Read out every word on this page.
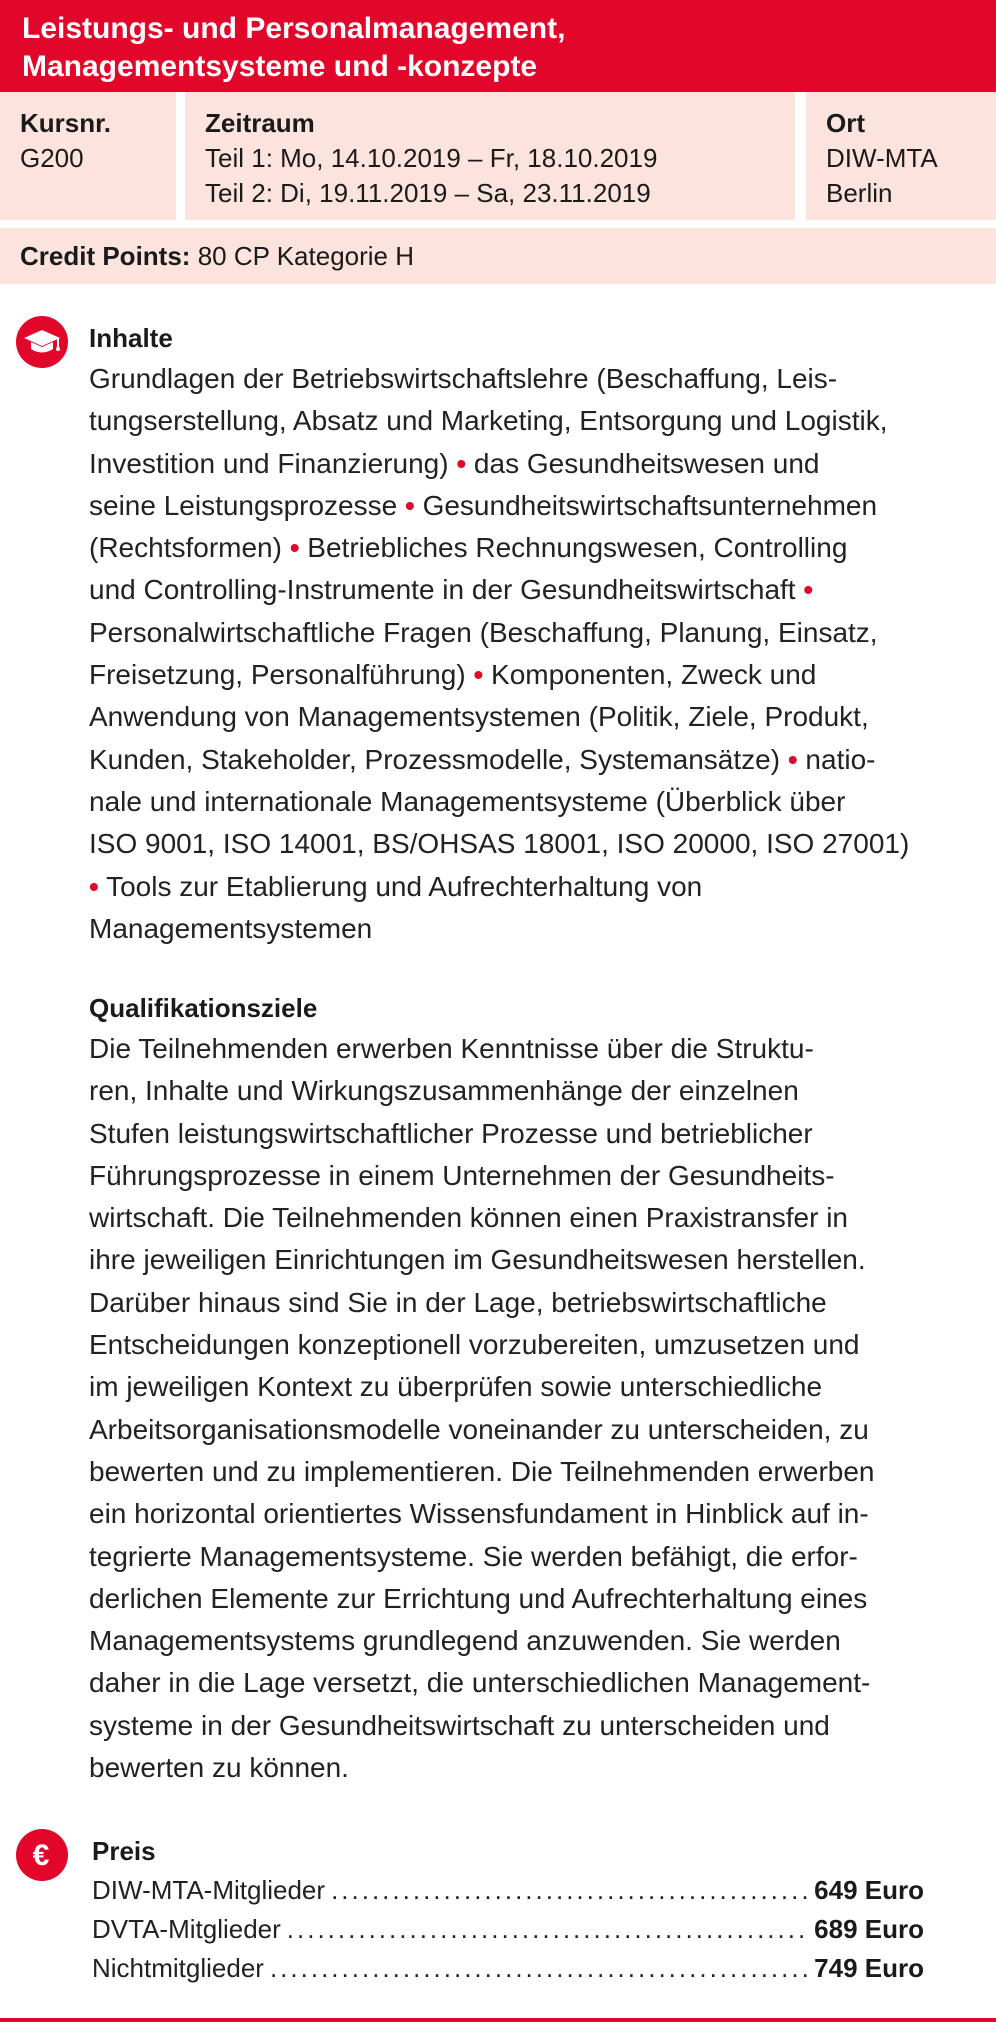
Leistungs- und Personalmanagement,
Managementsysteme und -konzepte
Kursnr.
G200
Zeitraum
Teil 1: Mo, 14.10.2019 – Fr, 18.10.2019
Teil 2: Di, 19.11.2019 – Sa, 23.11.2019
Ort
DIW-MTA
Berlin
Credit Points: 80 CP Kategorie H
Inhalte
Grundlagen der Betriebswirtschaftslehre (Beschaffung, Leis-
tungserstellung, Absatz und Marketing, Entsorgung und Logistik,
Investition und Finanzierung) • das Gesundheitswesen und
seine Leistungsprozesse • Gesundheitswirtschaftsunternehmen
(Rechtsformen) • Betriebliches Rechnungswesen, Controlling
und Controlling-Instrumente in der Gesundheitswirtschaft •
Personalwirtschaftliche Fragen (Beschaffung, Planung, Einsatz,
Freisetzung, Personalführung) • Komponenten, Zweck und
Anwendung von Managementsystemen (Politik, Ziele, Produkt,
Kunden, Stakeholder, Prozessmodelle, Systemansätze) • natio-
nale und internationale Managementsysteme (Überblick über
ISO 9001, ISO 14001, BS/OHSAS 18001, ISO 20000, ISO 27001)
• Tools zur Etablierung und Aufrechterhaltung von
Managementsystemen
Qualifikationsziele
Die Teilnehmenden erwerben Kenntnisse über die Struktu-
ren, Inhalte und Wirkungszusammenhänge der einzelnen
Stufen leistungswirtschaftlicher Prozesse und betrieblicher
Führungsprozesse in einem Unternehmen der Gesundheits-
wirtschaft. Die Teilnehmenden können einen Praxistransfer in
ihre jeweiligen Einrichtungen im Gesundheitswesen herstellen.
Darüber hinaus sind Sie in der Lage, betriebswirtschaftliche
Entscheidungen konzeptionell vorzubereiten, umzusetzen und
im jeweiligen Kontext zu überprüfen sowie unterschiedliche
Arbeitsorganisationsmodelle voneinander zu unterscheiden, zu
bewerten und zu implementieren. Die Teilnehmenden erwerben
ein horizontal orientiertes Wissensfundament in Hinblick auf in-
tegrierte Managementsysteme. Sie werden befähigt, die erfor-
derlichen Elemente zur Errichtung und Aufrechterhaltung eines
Managementsystems grundlegend anzuwenden. Sie werden
daher in die Lage versetzt, die unterschiedlichen Management-
systeme in der Gesundheitswirtschaft zu unterscheiden und
bewerten zu können.
€ Preis
DIW-MTA-Mitglieder .....	649 Euro
DVTA-Mitglieder .....	689 Euro
Nichtmitglieder .....	749 Euro
